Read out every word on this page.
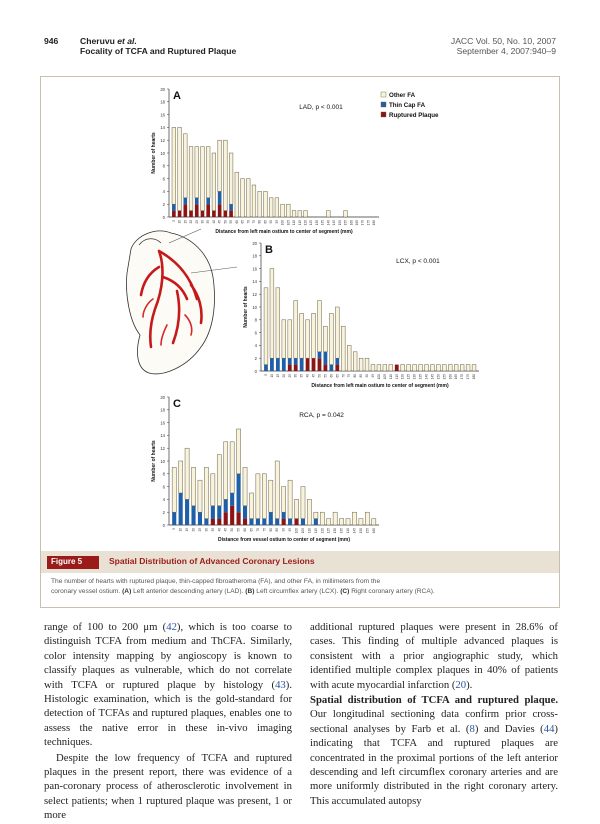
946	Cheruvu et al.
Focality of TCFA and Ruptured Plaque
JACC Vol. 50, No. 10, 2007
September 4, 2007:940–9
0
2
4
6
8
10
12
14
16
18
20
A
LAD, p < 0.001
Number of hearts
Distance from left main ostium to center of segment (mm)
5 10 15 20 25 30 35 40 45 50 55 60 65 70 75 80 85 90 95 100 105 110 115 120 125 130 135 140 145 150 155 160 165 170 175 180
0
2
4
6
8
10
12
14
16
18
20
B
LCX, p < 0.001
Number of hearts
Distance from left main ostium to center of segment (mm)
5 10 15 20 25 30 35 40 45 50 55 60 65 70 75 80 85 90 95 100 105 110 115 120 125 130 135 140 145 150 155 160 165 170 175 180
0
2
4
6
8
10
12
14
16
18
20
C
RCA, p = 0.042
Number of hearts
Distance from vessel ostium to center of segment (mm)
5 10 15 20 25 30 35 40 45 50 55 60 65 70 75 80 85 90 95 100 105 110 115 120 125 130 135 140 145 150 155 160
Other FA
Thin Cap FA
Ruptured Plaque
Figure 5	Spatial Distribution of Advanced Coronary Lesions
The number of hearts with ruptured plaque, thin-capped fibroatheroma (FA), and other FA, in millimeters from the
coronary vessel ostium. (A) Left anterior descending artery (LAD). (B) Left circumflex artery (LCX). (C) Right coronary artery (RCA).

range of 100 to 200 μm (42), which is too coarse to distinguish TCFA from medium and ThCFA. Similarly, color intensity mapping by angioscopy is known to classify plaques as vulnerable, which do not correlate with TCFA or ruptured plaque by histology (43). Histologic examination, which is the gold-standard for detection of TCFAs and ruptured plaques, enables one to assess the native error in these in-vivo imaging techniques.

Despite the low frequency of TCFA and ruptured plaques in the present report, there was evidence of a pan-coronary process of atherosclerotic involvement in select patients; when 1 ruptured plaque was present, 1 or more

additional ruptured plaques were present in 28.6% of cases. This finding of multiple advanced plaques is consistent with a prior angiographic study, which identified multiple complex plaques in 40% of patients with acute myocardial infarction (20).

Spatial distribution of TCFA and ruptured plaque. Our longitudinal sectioning data confirm prior cross-sectional analyses by Farb et al. (8) and Davies (44) indicating that TCFA and ruptured plaques are concentrated in the proximal portions of the left anterior descending and left circumflex coronary arteries and are more uniformly distributed in the right coronary artery. This accumulated autopsy
